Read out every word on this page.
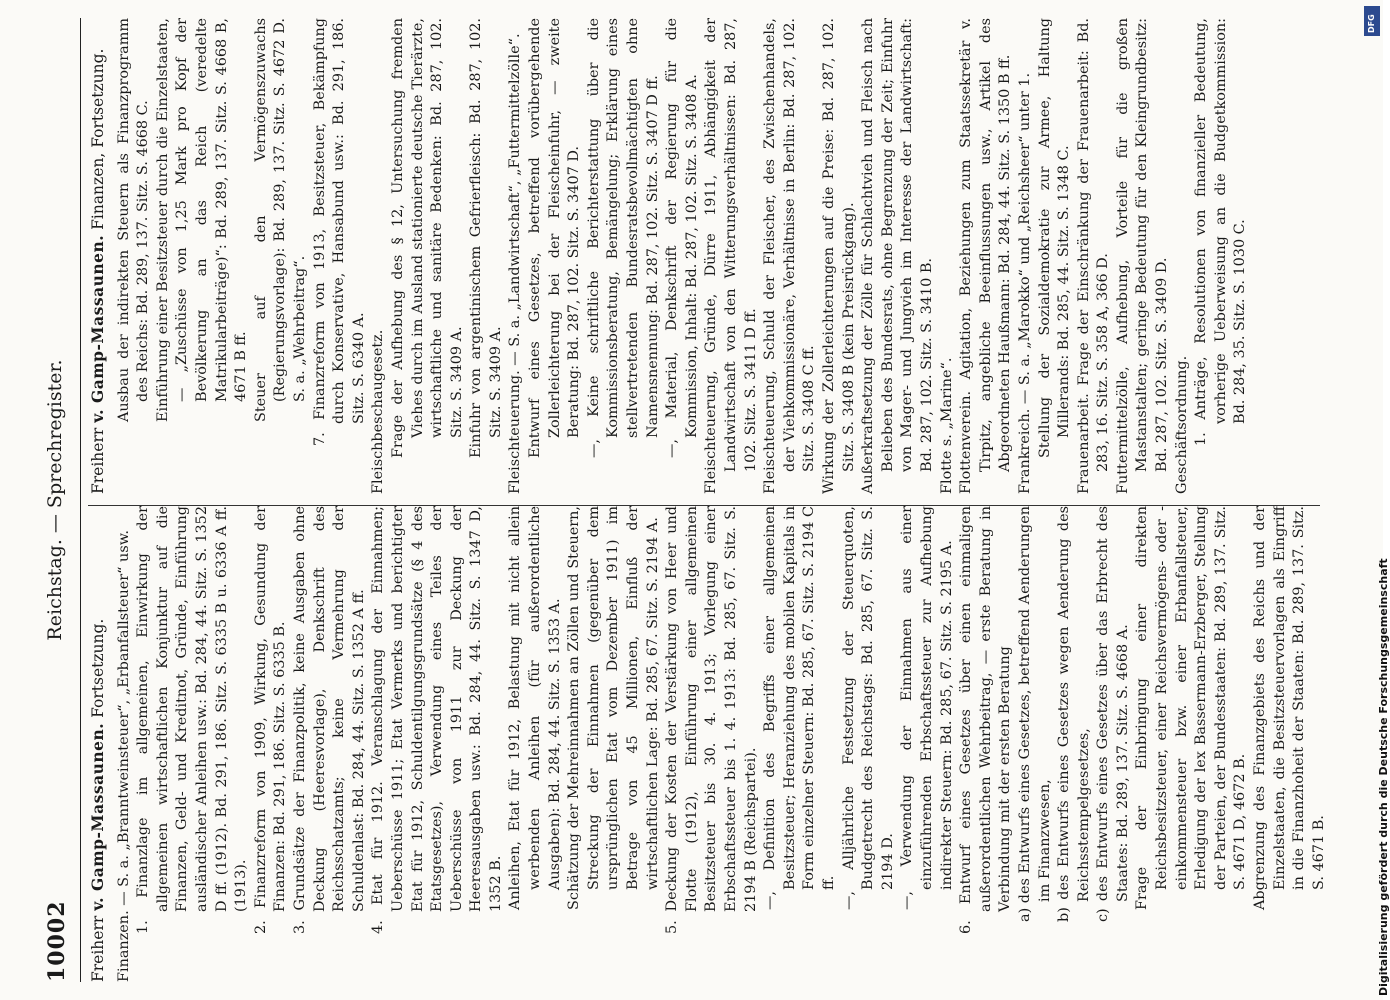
10002
Reichstag. — Sprechregister.

Freiherr v. Gamp-Massaunen. Fortsetzung. Finanzen. — S. a. „Branntweinsteuer“, „Erbanfallsteuer“ usw. 1. Finanzlage im allgemeinen, Einwirkung der allgemeinen wirtschaftlichen Konjunktur auf die Finanzen, Geld- und Kreditnot, Gründe, Einführung ausländischer Anleihen usw.: Bd. 284, 44. Sitz. S. 1352 D ff. (1912). Bd. 291, 186. Sitz. S. 6335 B u. 6336 A ff. (1913). 2. Finanzreform von 1909, Wirkung, Gesundung der Finanzen: Bd. 291, 186. Sitz. S. 6335 B. 3. Grundsätze der Finanzpolitik, keine Ausgaben ohne Deckung (Heeresvorlage), Denkschrift des Reichsschatzamts; keine Vermehrung der Schuldenlast: Bd. 284, 44. Sitz. S. 1352 A ff. 4. Etat für 1912. Veranschlagung der Einnahmen; Ueberschüsse 1911; Etat Vermerks und berichtigter Etat für 1912, Schuldentilgungsgrundsätze (§ 4 des Etatsgesetzes), Verwendung eines Teiles der Ueberschüsse von 1911 zur Deckung der Heeresausgaben usw.: Bd. 284, 44. Sitz. S. 1347 D, 1352 B. Anleihen, Etat für 1912, Belastung mit nicht allein werbenden Anleihen (für außerordentliche Ausgaben): Bd. 284, 44. Sitz. S. 1353 A. Schätzung der Mehreinnahmen an Zöllen und Steuern, Streckung der Einnahmen (gegenüber dem ursprünglichen Etat vom Dezember 1911) im Betrage von 45 Millionen, Einfluß der wirtschaftlichen Lage: Bd. 285, 67. Sitz. S. 2194 A. 5. Deckung der Kosten der Verstärkung von Heer und Flotte (1912), Einführung einer allgemeinen Besitzsteuer bis 30. 4. 1913; Vorlegung einer Erbschaftssteuer bis 1. 4. 1913: Bd. 285, 67. Sitz. S. 2194 B (Reichspartei). —, Definition des Begriffs einer allgemeinen Besitzsteuer; Heranziehung des mobilen Kapitals in Form einzelner Steuern: Bd. 285, 67. Sitz. S. 2194 C ff. —, Alljährliche Festsetzung der Steuerquoten, Budgetrecht des Reichstags: Bd. 285, 67. Sitz. S. 2194 D. —, Verwendung der Einnahmen aus einer einzuführenden Erbschaftssteuer zur Aufhebung indirekter Steuern: Bd. 285, 67. Sitz. S. 2195 A. 6. Entwurf eines Gesetzes über einen einmaligen außerordentlichen Wehrbeitrag, — erste Beratung in Verbindung mit der ersten Beratung a) des Entwurfs eines Gesetzes, betreffend Aenderungen im Finanzwesen, b) des Entwurfs eines Gesetzes wegen Aenderung des Reichsstempelgesetzes, c) des Entwurfs eines Gesetzes über das Erbrecht des Staates: Bd. 289, 137. Sitz. S. 4668 A. Frage der Einbringung einer direkten Reichsbesitzsteuer, einer Reichsvermögens- oder -einkommensteuer bzw. einer Erbanfallsteuer, Erledigung der lex Bassermann-Erzberger, Stellung der Parteien, der Bundesstaaten: Bd. 289, 137. Sitz. S. 4671 D, 4672 B. Abgrenzung des Finanzgebiets des Reichs und der Einzelstaaten, die Besitzsteuervorlagen als Eingriff in die Finanzhoheit der Staaten: Bd. 289, 137. Sitz. S. 4671 B.

Freiherr v. Gamp-Massaunen. Finanzen, Fortsetzung. Ausbau der indirekten Steuern als Finanzprogramm des Reichs: Bd. 289, 137. Sitz. S. 4668 C. Einführung einer Besitzsteuer durch die Einzelstaaten, — „Zuschüsse von 1,25 Mark pro Kopf der Bevölkerung an das Reich (veredelte Matrikularbeiträge)“: Bd. 289, 137. Sitz. S. 4668 B, 4671 B ff. Steuer auf den Vermögenszuwachs (Regierungsvorlage): Bd. 289, 137. Sitz. S. 4672 D. S. a. „Wehrbeitrag“. 7. Finanzreform von 1913, Besitzsteuer, Bekämpfung durch Konservative, Hansabund usw.: Bd. 291, 186. Sitz. S. 6340 A. Fleischbeschaugesetz. Frage der Aufhebung des § 12, Untersuchung fremden Viehes durch im Ausland stationierte deutsche Tierärzte, wirtschaftliche und sanitäre Bedenken: Bd. 287, 102. Sitz. S. 3409 A. Einfuhr von argentinischem Gefrierfleisch: Bd. 287, 102. Sitz. S. 3409 A. Fleischteuerung. — S. a. „Landwirtschaft“, „Futtermittelzölle“. Entwurf eines Gesetzes, betreffend vorübergehende Zollerleichterung bei der Fleischeinfuhr, — zweite Beratung: Bd. 287, 102. Sitz. S. 3407 D. —, Keine schriftliche Berichterstattung über die Kommissionsberatung, Bemängelung; Erklärung eines stellvertretenden Bundesratsbevollmächtigten ohne Namensnennung: Bd. 287, 102. Sitz. S. 3407 D ff. —, Material, Denkschrift der Regierung für die Kommission, Inhalt: Bd. 287, 102. Sitz. S. 3408 A. Fleischteuerung, Gründe, Dürre 1911, Abhängigkeit der Landwirtschaft von den Witterungsverhältnissen: Bd. 287, 102. Sitz. S. 3411 D ff. Fleischteuerung, Schuld der Fleischer, des Zwischenhandels, der Viehkommissionäre, Verhältnisse in Berlin: Bd. 287, 102. Sitz. S. 3408 C ff. Wirkung der Zollerleichterungen auf die Preise: Bd. 287, 102. Sitz. S. 3408 B (kein Preisrückgang). Außerkraftsetzung der Zölle für Schlachtvieh und Fleisch nach Belieben des Bundesrats, ohne Begrenzung der Zeit; Einfuhr von Mager- und Jungvieh im Interesse der Landwirtschaft: Bd. 287, 102. Sitz. S. 3410 B. Flotte s. „Marine“. Flottenverein. Agitation, Beziehungen zum Staatssekretär v. Tirpitz, angebliche Beeinflussungen usw., Artikel des Abgeordneten Haußmann: Bd. 284, 44. Sitz. S. 1350 B ff. Frankreich. — S. a. „Marokko“ und „Reichsheer“ unter 1. Stellung der Sozialdemokratie zur Armee, Haltung Millerands: Bd. 285, 44. Sitz. S. 1348 C. Frauenarbeit. Frage der Einschränkung der Frauenarbeit: Bd. 283, 16. Sitz. S. 358 A, 366 D. Futtermittelzölle, Aufhebung, Vorteile für die großen Mastanstalten; geringe Bedeutung für den Kleingrundbesitz: Bd. 287, 102. Sitz. S. 3409 D. Geschäftsordnung. 1. Anträge, Resolutionen von finanzieller Bedeutung, vorherige Ueberweisung an die Budgetkommission: Bd. 284, 35. Sitz. S. 1030 C.

Digitalisierung gefördert durch die Deutsche Forschungsgemeinschaft
DFG
